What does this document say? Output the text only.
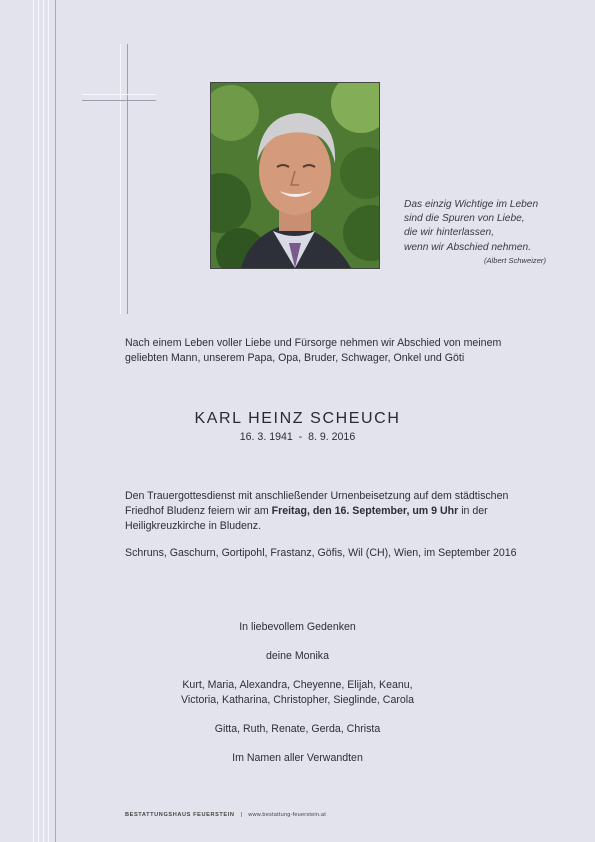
Das einzig Wichtige im Leben
sind die Spuren von Liebe,
die wir hinterlassen,
wenn wir Abschied nehmen.
(Albert Schweizer)
Nach einem Leben voller Liebe und Fürsorge nehmen wir Abschied von meinem
geliebten Mann, unserem Papa, Opa, Bruder, Schwager, Onkel und Göti
KARL HEINZ SCHEUCH
16. 3. 1941  -  8. 9. 2016
Den Trauergottesdienst mit anschließender Urnenbeisetzung auf dem städtischen
Friedhof Bludenz feiern wir am Freitag, den 16. September, um 9 Uhr in der
Heiligkreuzkirche in Bludenz.
Schruns, Gaschurn, Gortipohl, Frastanz, Göfis, Wil (CH), Wien, im September 2016
In liebevollem Gedenken
deine Monika
Kurt, Maria, Alexandra, Cheyenne, Elijah, Keanu,
Victoria, Katharina, Christopher, Sieglinde, Carola
Gitta, Ruth, Renate, Gerda, Christa
Im Namen aller Verwandten
BESTATTUNGSHAUS FEUERSTEIN | www.bestattung-feuerstein.at
